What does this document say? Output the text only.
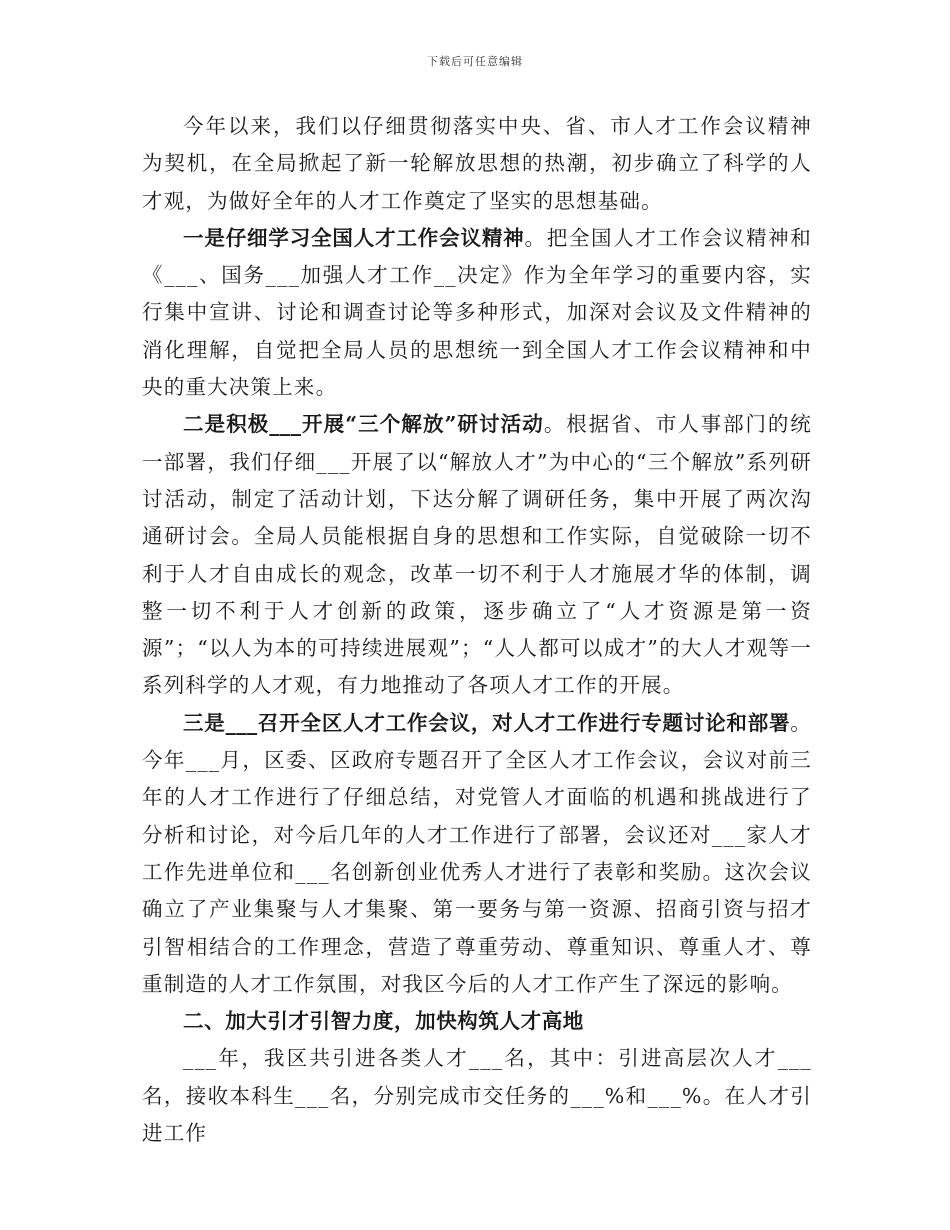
下载后可任意编辑

今年以来，我们以仔细贯彻落实中央、省、市人才工作会议精神为契机，在全局掀起了新一轮解放思想的热潮，初步确立了科学的人才观，为做好全年的人才工作奠定了坚实的思想基础。

一是仔细学习全国人才工作会议精神。把全国人才工作会议精神和《___、国务___加强人才工作__决定》作为全年学习的重要内容，实行集中宣讲、讨论和调查讨论等多种形式，加深对会议及文件精神的消化理解，自觉把全局人员的思想统一到全国人才工作会议精神和中央的重大决策上来。

二是积极___开展“三个解放”研讨活动。根据省、市人事部门的统一部署，我们仔细___开展了以“解放人才”为中心的“三个解放”系列研讨活动，制定了活动计划，下达分解了调研任务，集中开展了两次沟通研讨会。全局人员能根据自身的思想和工作实际，自觉破除一切不利于人才自由成长的观念，改革一切不利于人才施展才华的体制，调整一切不利于人才创新的政策，逐步确立了“人才资源是第一资源”；“以人为本的可持续进展观”；“人人都可以成才”的大人才观等一系列科学的人才观，有力地推动了各项人才工作的开展。

三是___召开全区人才工作会议，对人才工作进行专题讨论和部署。今年___月，区委、区政府专题召开了全区人才工作会议，会议对前三年的人才工作进行了仔细总结，对党管人才面临的机遇和挑战进行了分析和讨论，对今后几年的人才工作进行了部署，会议还对___家人才工作先进单位和___名创新创业优秀人才进行了表彰和奖励。这次会议确立了产业集聚与人才集聚、第一要务与第一资源、招商引资与招才引智相结合的工作理念，营造了尊重劳动、尊重知识、尊重人才、尊重制造的人才工作氛围，对我区今后的人才工作产生了深远的影响。

二、加大引才引智力度，加快构筑人才高地

___年，我区共引进各类人才___名，其中：引进高层次人才___名，接收本科生___名，分别完成市交任务的___%和___%。在人才引进工作
